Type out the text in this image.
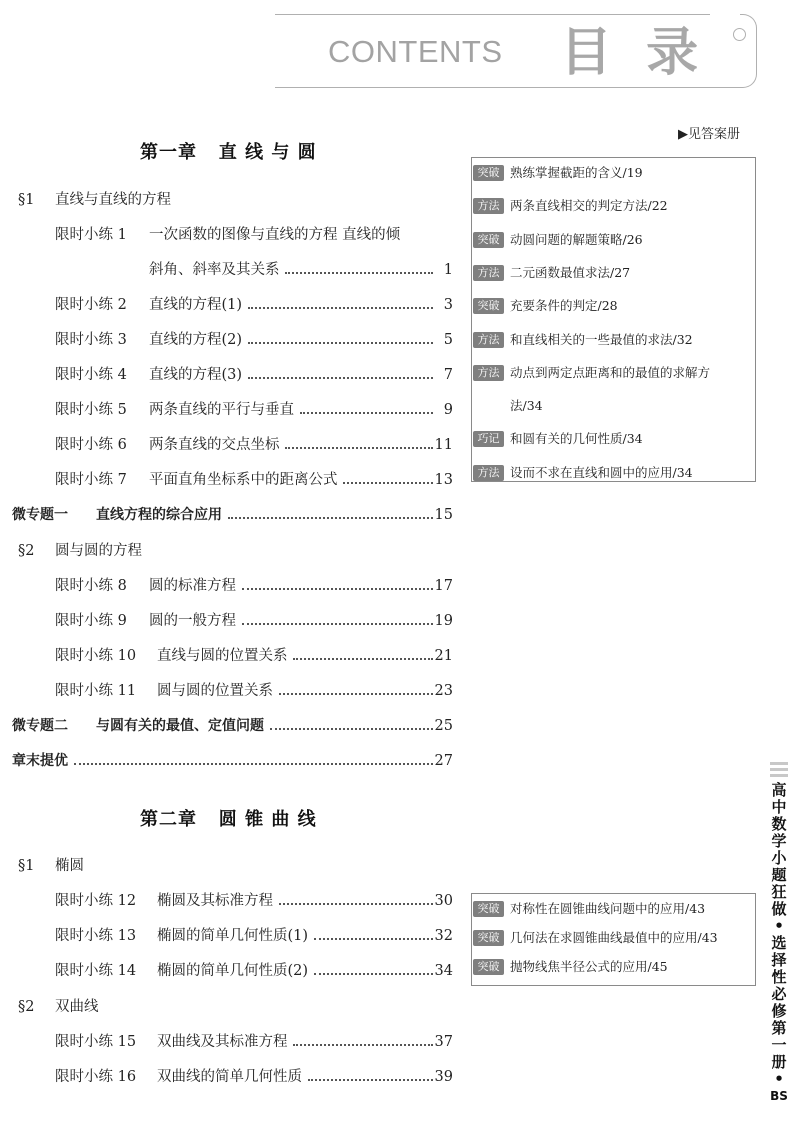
CONTENTS 目 录
▶见答案册
第一章   直 线 与 圆
§1 直线与直线的方程
限时小练 1 一次函数的图像与直线的方程 直线的倾
斜角、斜率及其关系	1
限时小练 2 直线的方程(1)	3
限时小练 3 直线的方程(2)	5
限时小练 4 直线的方程(3)	7
限时小练 5 两条直线的平行与垂直	9
限时小练 6 两条直线的交点坐标	11
限时小练 7 平面直角坐标系中的距离公式	13
微专题一 直线方程的综合应用	15
§2 圆与圆的方程
限时小练 8 圆的标准方程	17
限时小练 9 圆的一般方程	19
限时小练 10 直线与圆的位置关系	21
限时小练 11 圆与圆的位置关系	23
微专题二 与圆有关的最值、定值问题	25
章末提优	27
突破 熟练掌握截距的含义/19
方法 两条直线相交的判定方法/22
突破 动圆问题的解题策略/26
方法 二元函数最值求法/27
突破 充要条件的判定/28
方法 和直线相关的一些最值的求法/32
方法 动点到两定点距离和的最值的求解方
法/34
巧记 和圆有关的几何性质/34
方法 设而不求在直线和圆中的应用/34
第二章   圆 锥 曲 线
§1 椭圆
限时小练 12 椭圆及其标准方程	30
限时小练 13 椭圆的简单几何性质(1)	32
限时小练 14 椭圆的简单几何性质(2)	34
§2 双曲线
限时小练 15 双曲线及其标准方程	37
限时小练 16 双曲线的简单几何性质	39
突破 对称性在圆锥曲线问题中的应用/43
突破 几何法在求圆锥曲线最值中的应用/43
突破 抛物线焦半径公式的应用/45
高
中
数
学
小
题
狂
做
•
选
择
性
必
修
第
一
册
•
BS
